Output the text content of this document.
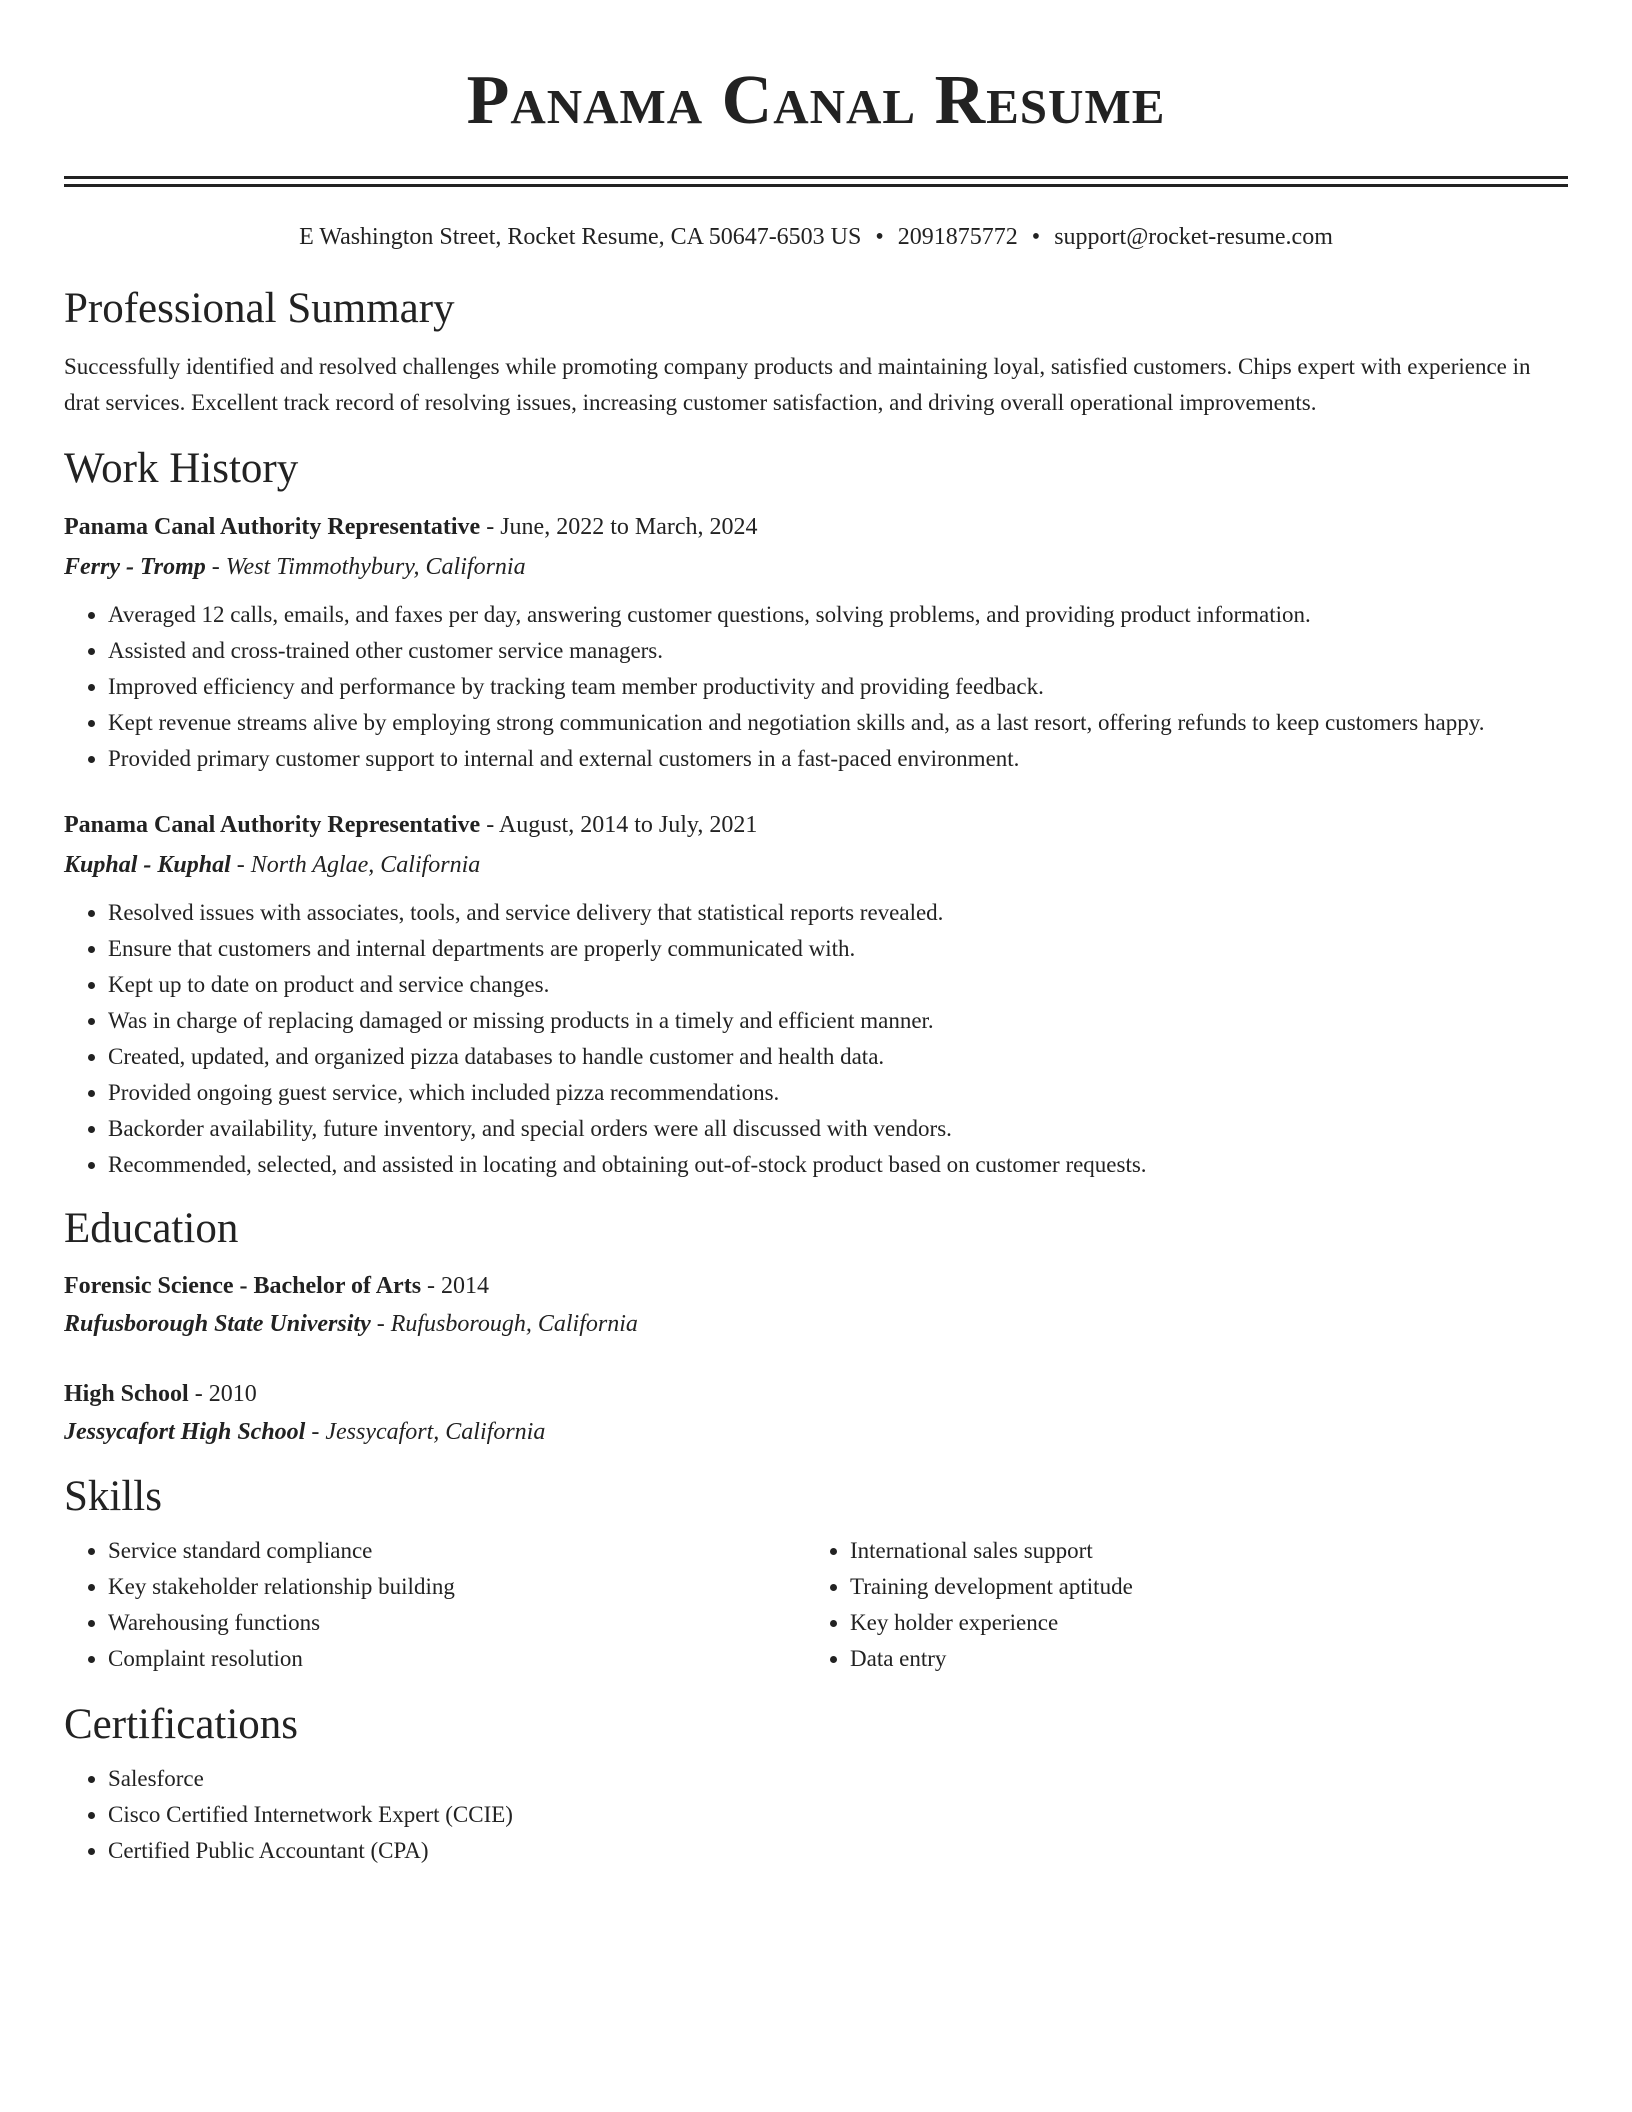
Panama Canal Resume
E Washington Street, Rocket Resume, CA 50647-6503 US • 2091875772 • support@rocket-resume.com
Professional Summary

Successfully identified and resolved challenges while promoting company products and maintaining loyal, satisfied customers. Chips expert with experience in drat services. Excellent track record of resolving issues, increasing customer satisfaction, and driving overall operational improvements.

Work History
Panama Canal Authority Representative - June, 2022 to March, 2024
Ferry - Tromp - West Timmothybury, California
• Averaged 12 calls, emails, and faxes per day, answering customer questions, solving problems, and providing product information.
• Assisted and cross-trained other customer service managers.
• Improved efficiency and performance by tracking team member productivity and providing feedback.
• Kept revenue streams alive by employing strong communication and negotiation skills and, as a last resort, offering refunds to keep customers happy.
• Provided primary customer support to internal and external customers in a fast-paced environment.
Panama Canal Authority Representative - August, 2014 to July, 2021
Kuphal - Kuphal - North Aglae, California
• Resolved issues with associates, tools, and service delivery that statistical reports revealed.
• Ensure that customers and internal departments are properly communicated with.
• Kept up to date on product and service changes.
• Was in charge of replacing damaged or missing products in a timely and efficient manner.
• Created, updated, and organized pizza databases to handle customer and health data.
• Provided ongoing guest service, which included pizza recommendations.
• Backorder availability, future inventory, and special orders were all discussed with vendors.
• Recommended, selected, and assisted in locating and obtaining out-of-stock product based on customer requests.
Education
Forensic Science - Bachelor of Arts - 2014
Rufusborough State University - Rufusborough, California
High School - 2010
Jessycafort High School - Jessycafort, California
Skills
• Service standard compliance
• Key stakeholder relationship building
• Warehousing functions
• Complaint resolution
• International sales support
• Training development aptitude
• Key holder experience
• Data entry
Certifications
• Salesforce
• Cisco Certified Internetwork Expert (CCIE)
• Certified Public Accountant (CPA)
